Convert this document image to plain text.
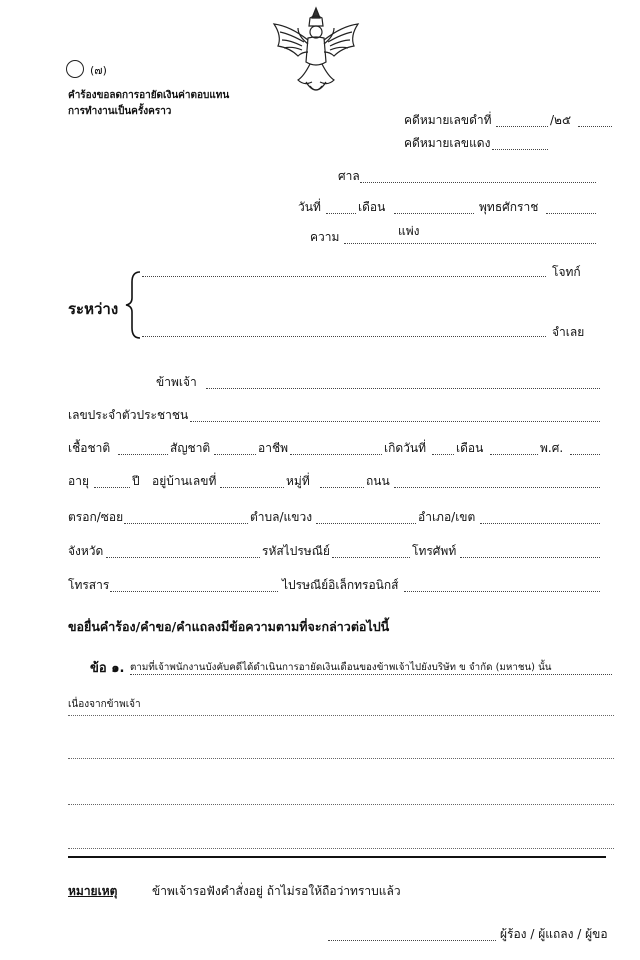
(๗)
คำร้องขอลดการอายัดเงินค่าตอบแทน
การทำงานเป็นครั้งคราว
คดีหมายเลขดำที่	/๒๕
คดีหมายเลขแดง
ศาล
วันที่	เดือน	พุทธศักราช
ความ	แพ่ง
ระหว่าง
โจทก์
จำเลย
ข้าพเจ้า
เลขประจำตัวประชาชน
เชื้อชาติ	สัญชาติ	อาชีพ	เกิดวันที่ เดือน	พ.ศ.
อายุ	ปี อยู่บ้านเลขที่	หมู่ที่	ถนน
ตรอก/ซอย	ตำบล/แขวง	อำเภอ/เขต
จังหวัด	รหัสไปรษณีย์	โทรศัพท์
โทรสาร	ไปรษณีย์อิเล็กทรอนิกส์
ขอยื่นคำร้อง/คำขอ/คำแถลงมีข้อความตามที่จะกล่าวต่อไปนี้
ข้อ ๑. ตามที่เจ้าพนักงานบังคับคดีได้ดำเนินการอายัดเงินเดือนของข้าพเจ้าไปยังบริษัท ข จำกัด (มหาชน) นั้น
เนื่องจากข้าพเจ้า
หมายเหตุ	ข้าพเจ้ารอฟังคำสั่งอยู่ ถ้าไม่รอให้ถือว่าทราบแล้ว
ผู้ร้อง / ผู้แถลง / ผู้ขอ
